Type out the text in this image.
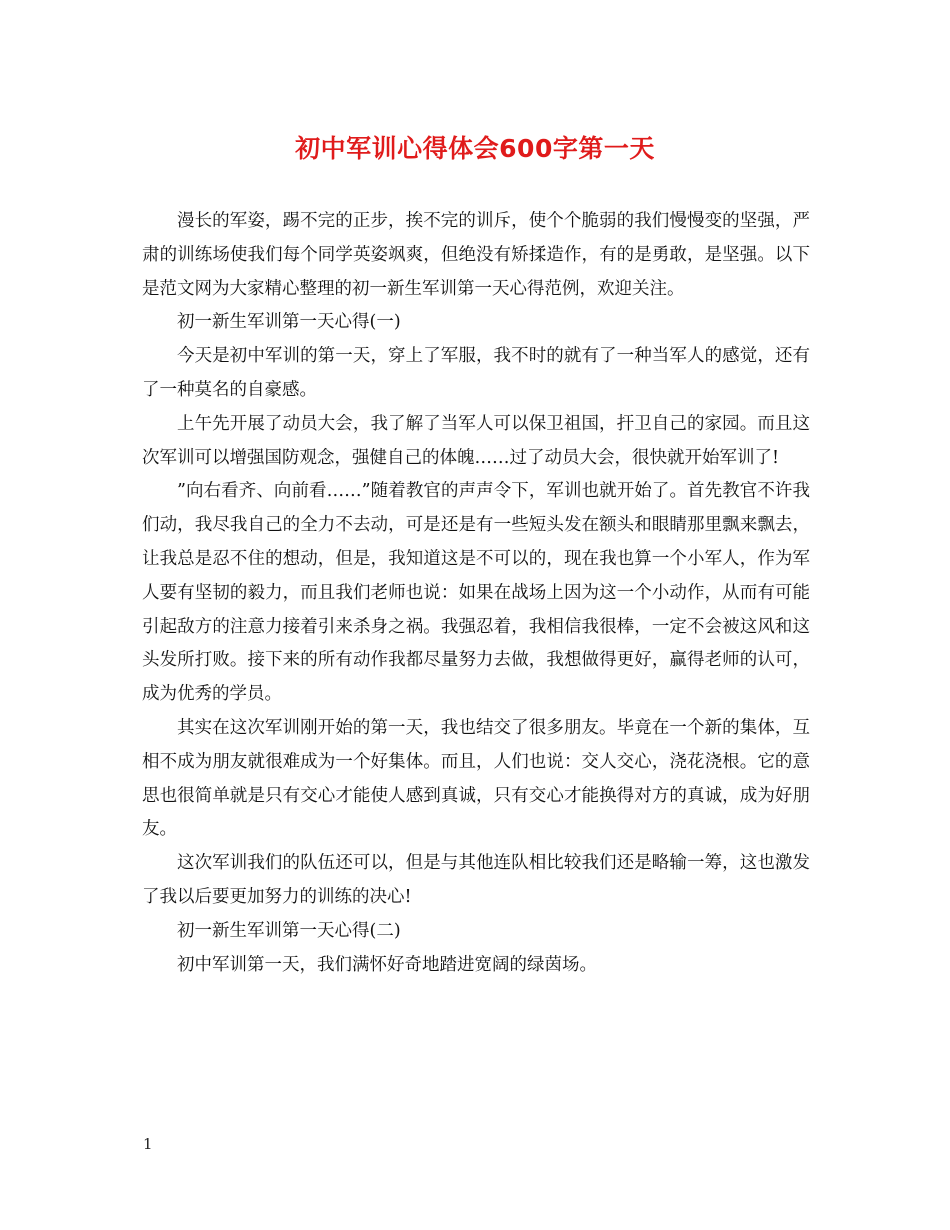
初中军训心得体会600字第一天

漫长的军姿，踢不完的正步，挨不完的训斥，使个个脆弱的我们慢慢变的坚强，严肃的训练场使我们每个同学英姿飒爽，但绝没有矫揉造作，有的是勇敢，是坚强。以下是范文网为大家精心整理的初一新生军训第一天心得范例，欢迎关注。

初一新生军训第一天心得(一)

今天是初中军训的第一天，穿上了军服，我不时的就有了一种当军人的感觉，还有了一种莫名的自豪感。

上午先开展了动员大会，我了解了当军人可以保卫祖国，扞卫自己的家园。而且这次军训可以增强国防观念，强健自己的体魄……过了动员大会，很快就开始军训了!

”向右看齐、向前看……”随着教官的声声令下，军训也就开始了。首先教官不许我们动，我尽我自己的全力不去动，可是还是有一些短头发在额头和眼睛那里飘来飘去，让我总是忍不住的想动，但是，我知道这是不可以的，现在我也算一个小军人，作为军人要有坚韧的毅力，而且我们老师也说：如果在战场上因为这一个小动作，从而有可能引起敌方的注意力接着引来杀身之祸。我强忍着，我相信我很棒，一定不会被这风和这头发所打败。接下来的所有动作我都尽量努力去做，我想做得更好，赢得老师的认可，成为优秀的学员。

其实在这次军训刚开始的第一天，我也结交了很多朋友。毕竟在一个新的集体，互相不成为朋友就很难成为一个好集体。而且，人们也说：交人交心，浇花浇根。它的意思也很简单就是只有交心才能使人感到真诚，只有交心才能换得对方的真诚，成为好朋友。

这次军训我们的队伍还可以，但是与其他连队相比较我们还是略输一筹，这也激发了我以后要更加努力的训练的决心!

初一新生军训第一天心得(二)

初中军训第一天，我们满怀好奇地踏进宽阔的绿茵场。

1
